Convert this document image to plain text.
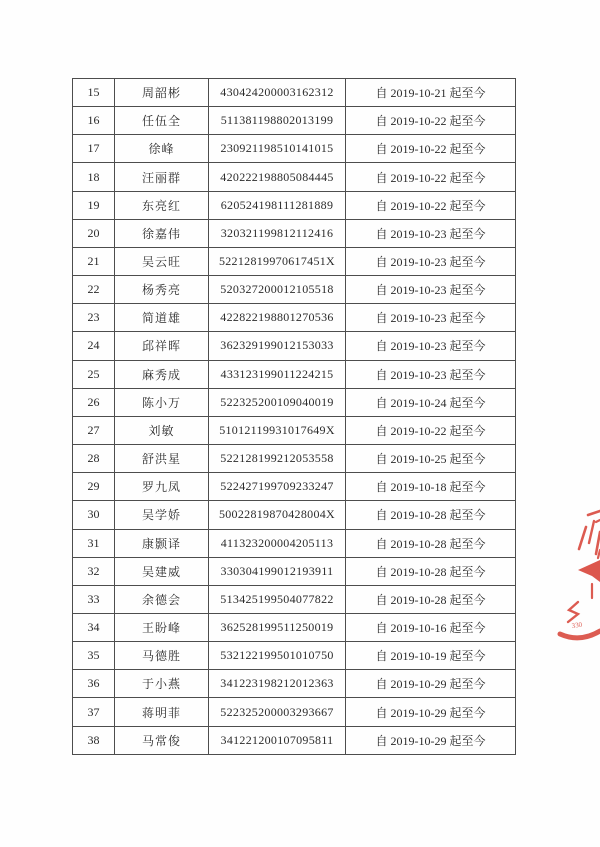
15	周韶彬	430424200003162312	自 2019-10-21 起至今
16	任伍全	511381198802013199	自 2019-10-22 起至今
17	徐峰	230921198510141015	自 2019-10-22 起至今
18	汪丽群	420222198805084445	自 2019-10-22 起至今
19	东亮红	620524198111281889	自 2019-10-22 起至今
20	徐嘉伟	320321199812112416	自 2019-10-23 起至今
21	吴云旺	52212819970617451X	自 2019-10-23 起至今
22	杨秀亮	520327200012105518	自 2019-10-23 起至今
23	简道雄	422822198801270536	自 2019-10-23 起至今
24	邱祥晖	362329199012153033	自 2019-10-23 起至今
25	麻秀成	433123199011224215	自 2019-10-23 起至今
26	陈小万	522325200109040019	自 2019-10-24 起至今
27	刘敏	51012119931017649X	自 2019-10-22 起至今
28	舒洪星	522128199212053558	自 2019-10-25 起至今
29	罗九凤	522427199709233247	自 2019-10-18 起至今
30	吴学娇	50022819870428004X	自 2019-10-28 起至今
31	康颢译	411323200004205113	自 2019-10-28 起至今
32	吴建威	330304199012193911	自 2019-10-28 起至今
33	余德会	513425199504077822	自 2019-10-28 起至今
34	王盼峰	362528199511250019	自 2019-10-16 起至今
35	马德胜	532122199501010750	自 2019-10-19 起至今
36	于小燕	341223198212012363	自 2019-10-29 起至今
37	蒋明菲	522325200003293667	自 2019-10-29 起至今
38	马常俊	341221200107095811	自 2019-10-29 起至今
330
